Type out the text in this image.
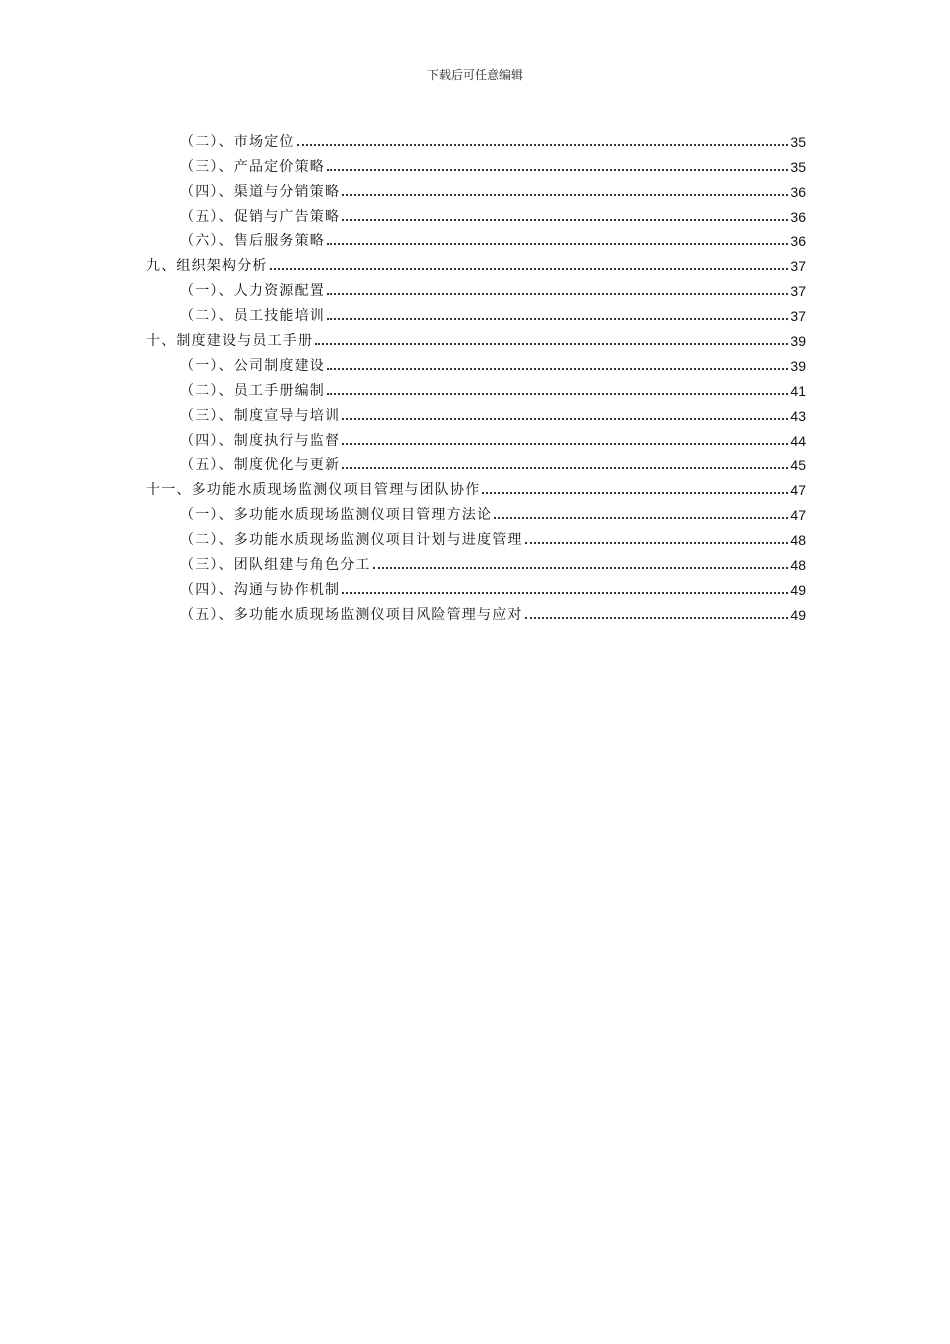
下载后可任意编辑
（二）、市场定位	35
（三）、产品定价策略	35
（四）、渠道与分销策略	36
（五）、促销与广告策略	36
（六）、售后服务策略	36
九、组织架构分析	37
（一）、人力资源配置	37
（二）、员工技能培训	37
十、制度建设与员工手册	39
（一）、公司制度建设	39
（二）、员工手册编制	41
（三）、制度宣导与培训	43
（四）、制度执行与监督	44
（五）、制度优化与更新	45
十一、多功能水质现场监测仪项目管理与团队协作	47
（一）、多功能水质现场监测仪项目管理方法论	47
（二）、多功能水质现场监测仪项目计划与进度管理	48
（三）、团队组建与角色分工	48
（四）、沟通与协作机制	49
（五）、多功能水质现场监测仪项目风险管理与应对	49
